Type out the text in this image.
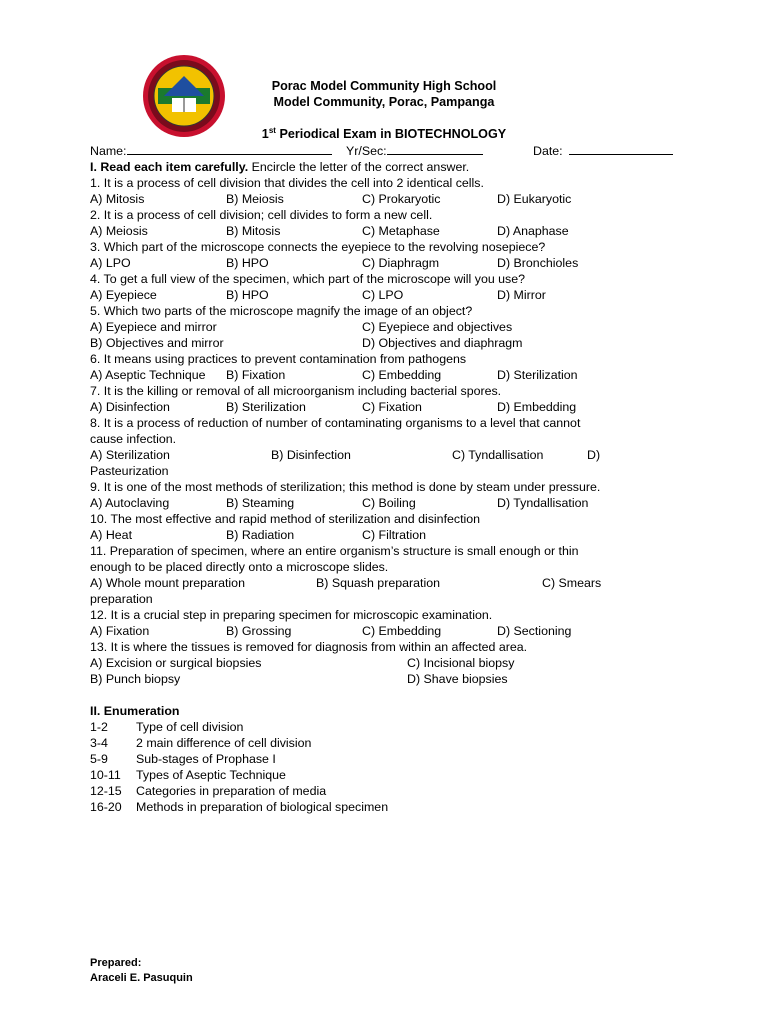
Porac Model Community High School
Model Community, Porac, Pampanga
1st Periodical Exam in BIOTECHNOLOGY
Name:	Yr/Sec:	Date:
I. Read each item carefully. Encircle the letter of the correct answer.
1. It is a process of cell division that divides the cell into 2 identical cells.
A) Mitosis	B) Meiosis	C) Prokaryotic	D) Eukaryotic
2. It is a process of cell division; cell divides to form a new cell.
A) Meiosis	B) Mitosis	C) Metaphase	D) Anaphase
3. Which part of the microscope connects the eyepiece to the revolving nosepiece?
A) LPO	B) HPO	C) Diaphragm	D) Bronchioles
4. To get a full view of the specimen, which part of the microscope will you use?
A) Eyepiece	B) HPO	C) LPO	D) Mirror
5. Which two parts of the microscope magnify the image of an object?
A) Eyepiece and mirror	C) Eyepiece and objectives
B) Objectives and mirror	D) Objectives and diaphragm
6. It means using practices to prevent contamination from pathogens
A) Aseptic Technique B) Fixation	C) Embedding	D) Sterilization
7. It is the killing or removal of all microorganism including bacterial spores.
A) Disinfection	B) Sterilization	C) Fixation	D) Embedding
8. It is a process of reduction of number of contaminating organisms to a level that cannot
cause infection.
A) Sterilization	B) Disinfection	C) Tyndallisation	D)
Pasteurization
9. It is one of the most methods of sterilization; this method is done by steam under pressure.
A) Autoclaving	B) Steaming	C) Boiling	D) Tyndallisation
10. The most effective and rapid method of sterilization and disinfection
A) Heat	B) Radiation	C) Filtration
11. Preparation of specimen, where an entire organism’s structure is small enough or thin
enough to be placed directly onto a microscope slides.
A) Whole mount preparation	B) Squash preparation	C) Smears
preparation
12. It is a crucial step in preparing specimen for microscopic examination.
A) Fixation	B) Grossing	C) Embedding	D) Sectioning
13. It is where the tissues is removed for diagnosis from within an affected area.
A) Excision or surgical biopsies	C) Incisional biopsy
B) Punch biopsy	D) Shave biopsies
II. Enumeration
1-2 Type of cell division
3-4 2 main difference of cell division
5-9 Sub-stages of Prophase I
10-11 Types of Aseptic Technique
12-15 Categories in preparation of media
16-20 Methods in preparation of biological specimen
Prepared:
Araceli E. Pasuquin
